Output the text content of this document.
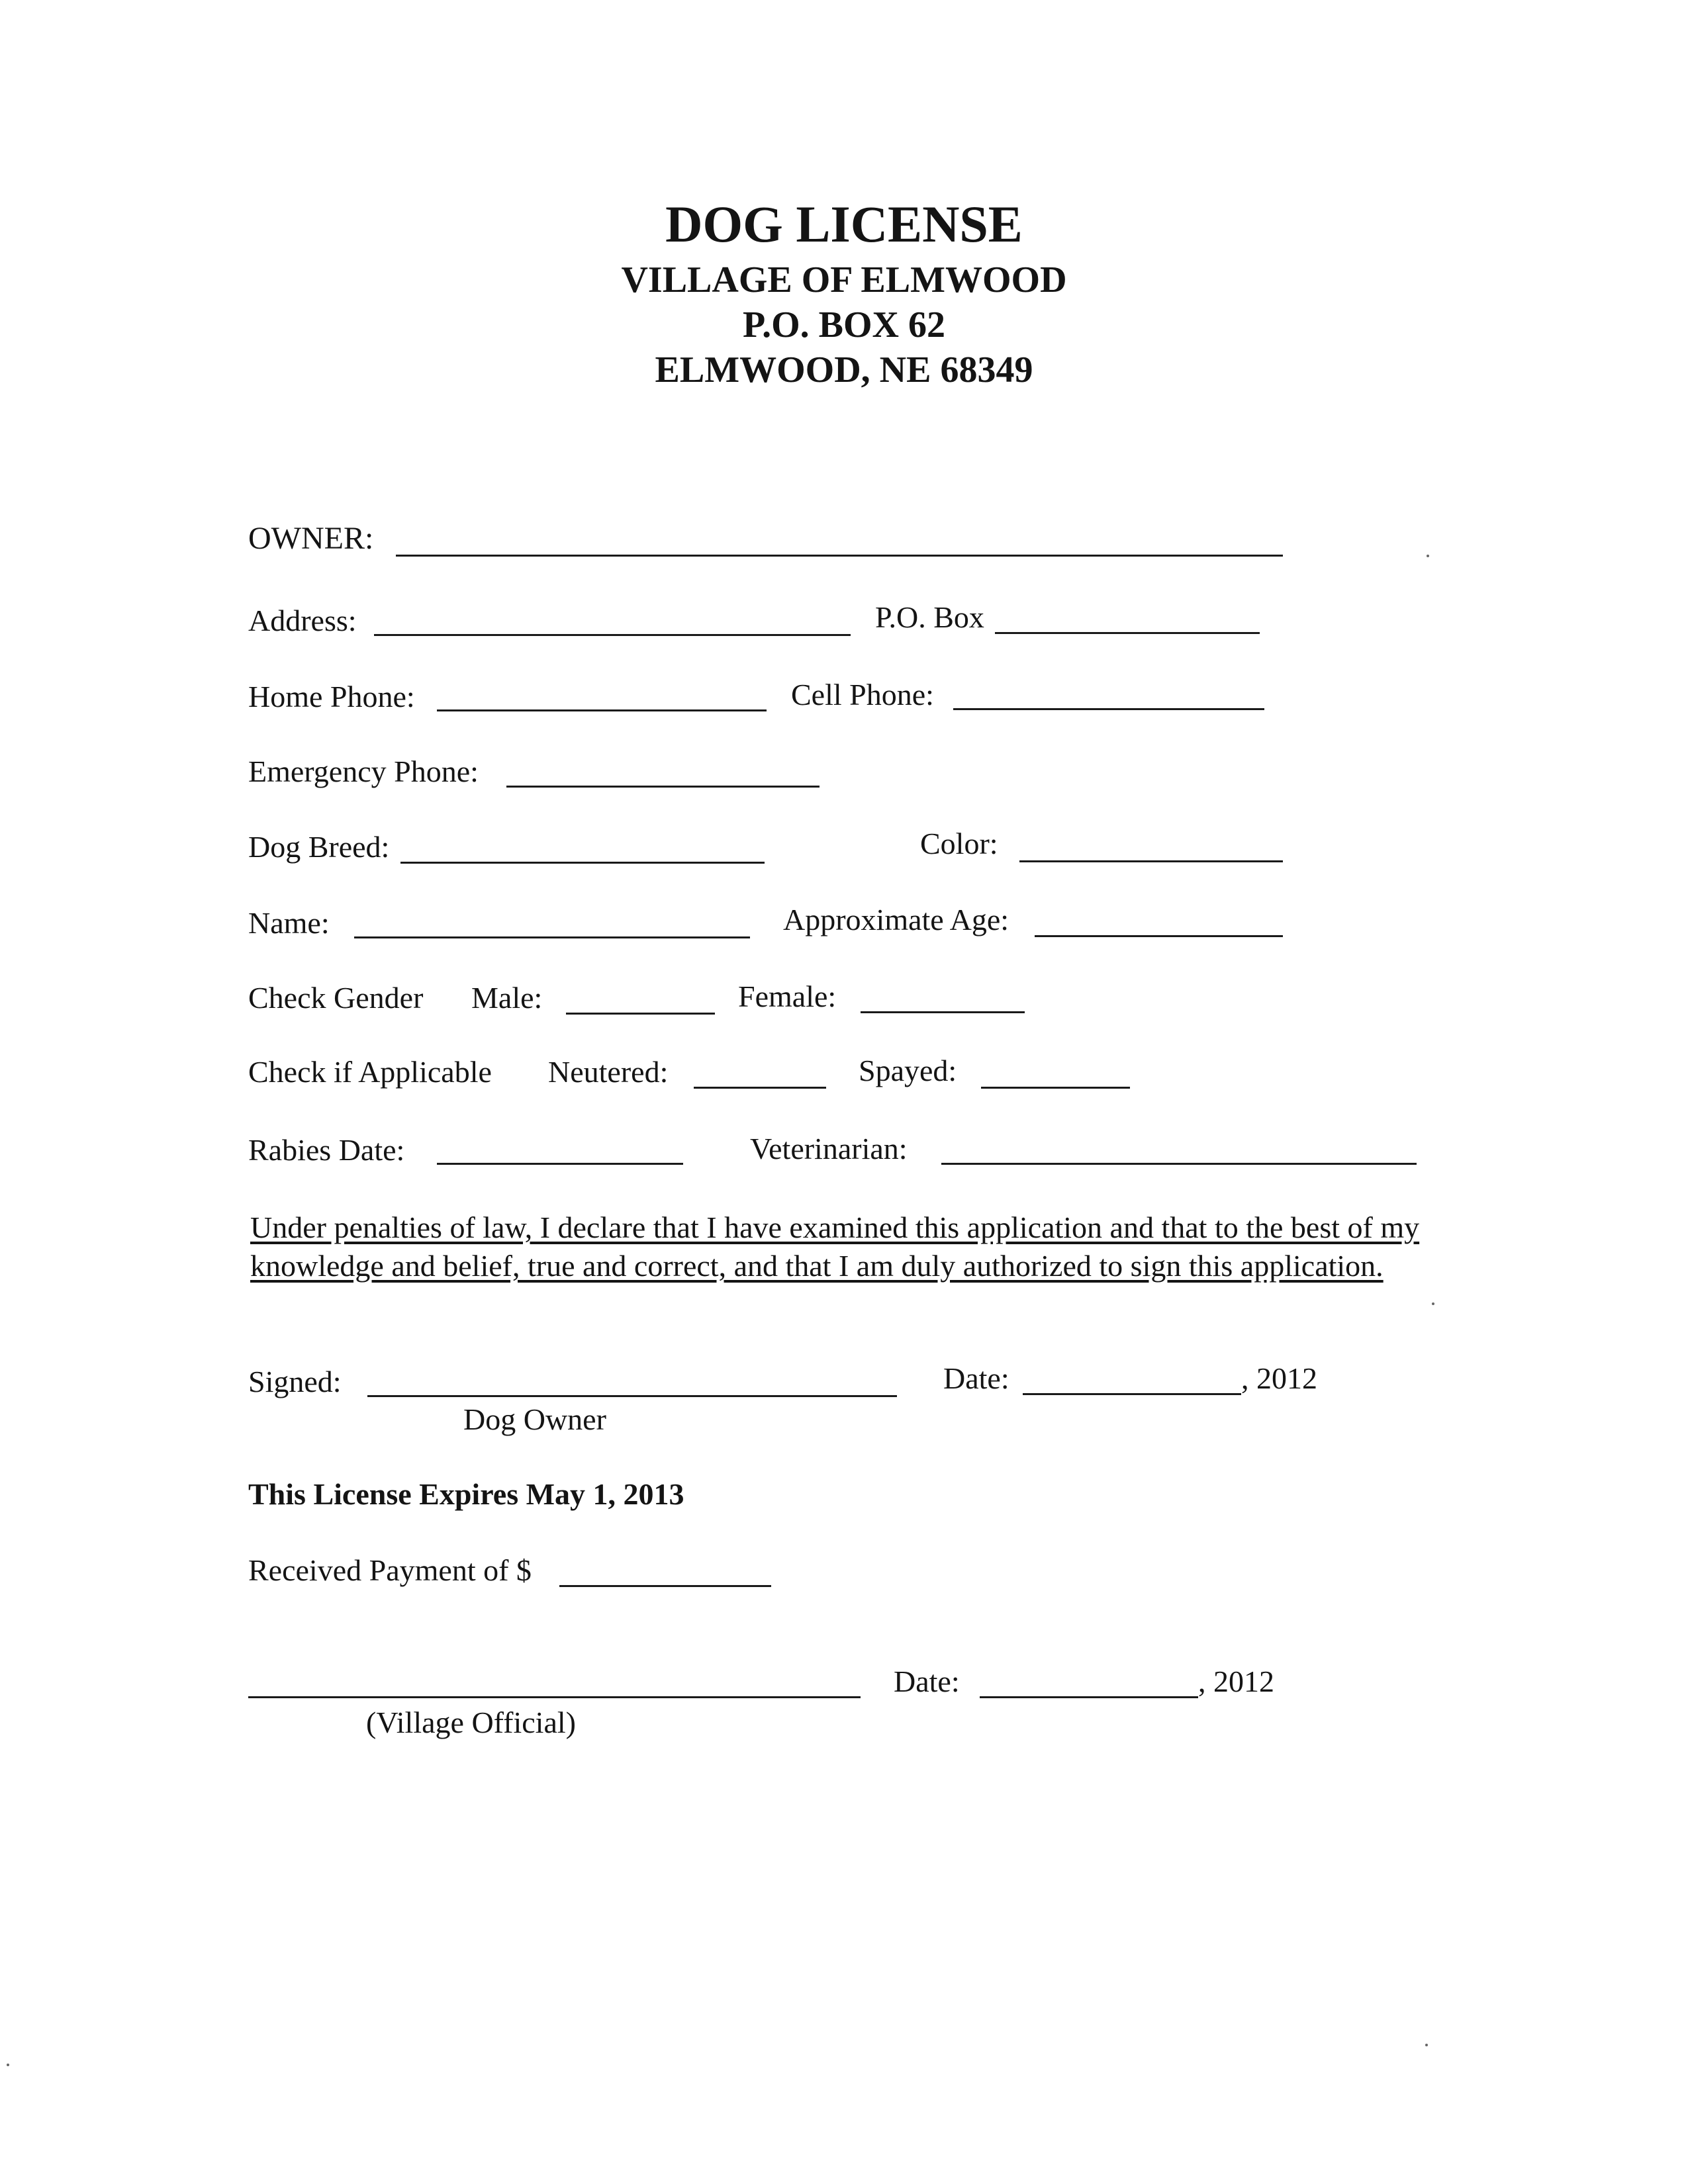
DOG LICENSE
VILLAGE OF ELMWOOD
P.O. BOX 62
ELMWOOD, NE 68349
OWNER:
Address:	P.O. Box
Home Phone:	Cell Phone:
Emergency Phone:
Dog Breed:	Color:
Name:	Approximate Age:
Check Gender Male:	Female:
Check if Applicable Neutered:	Spayed:
Rabies Date:	Veterinarian:
Under penalties of law, I declare that I have examined this application and that to the best of my knowledge and belief, true and correct, and that I am duly authorized to sign this application.
Signed:
Dog Owner
Date:	, 2012
This License Expires May 1, 2013
Received Payment of $
(Village Official)
Date:	, 2012
